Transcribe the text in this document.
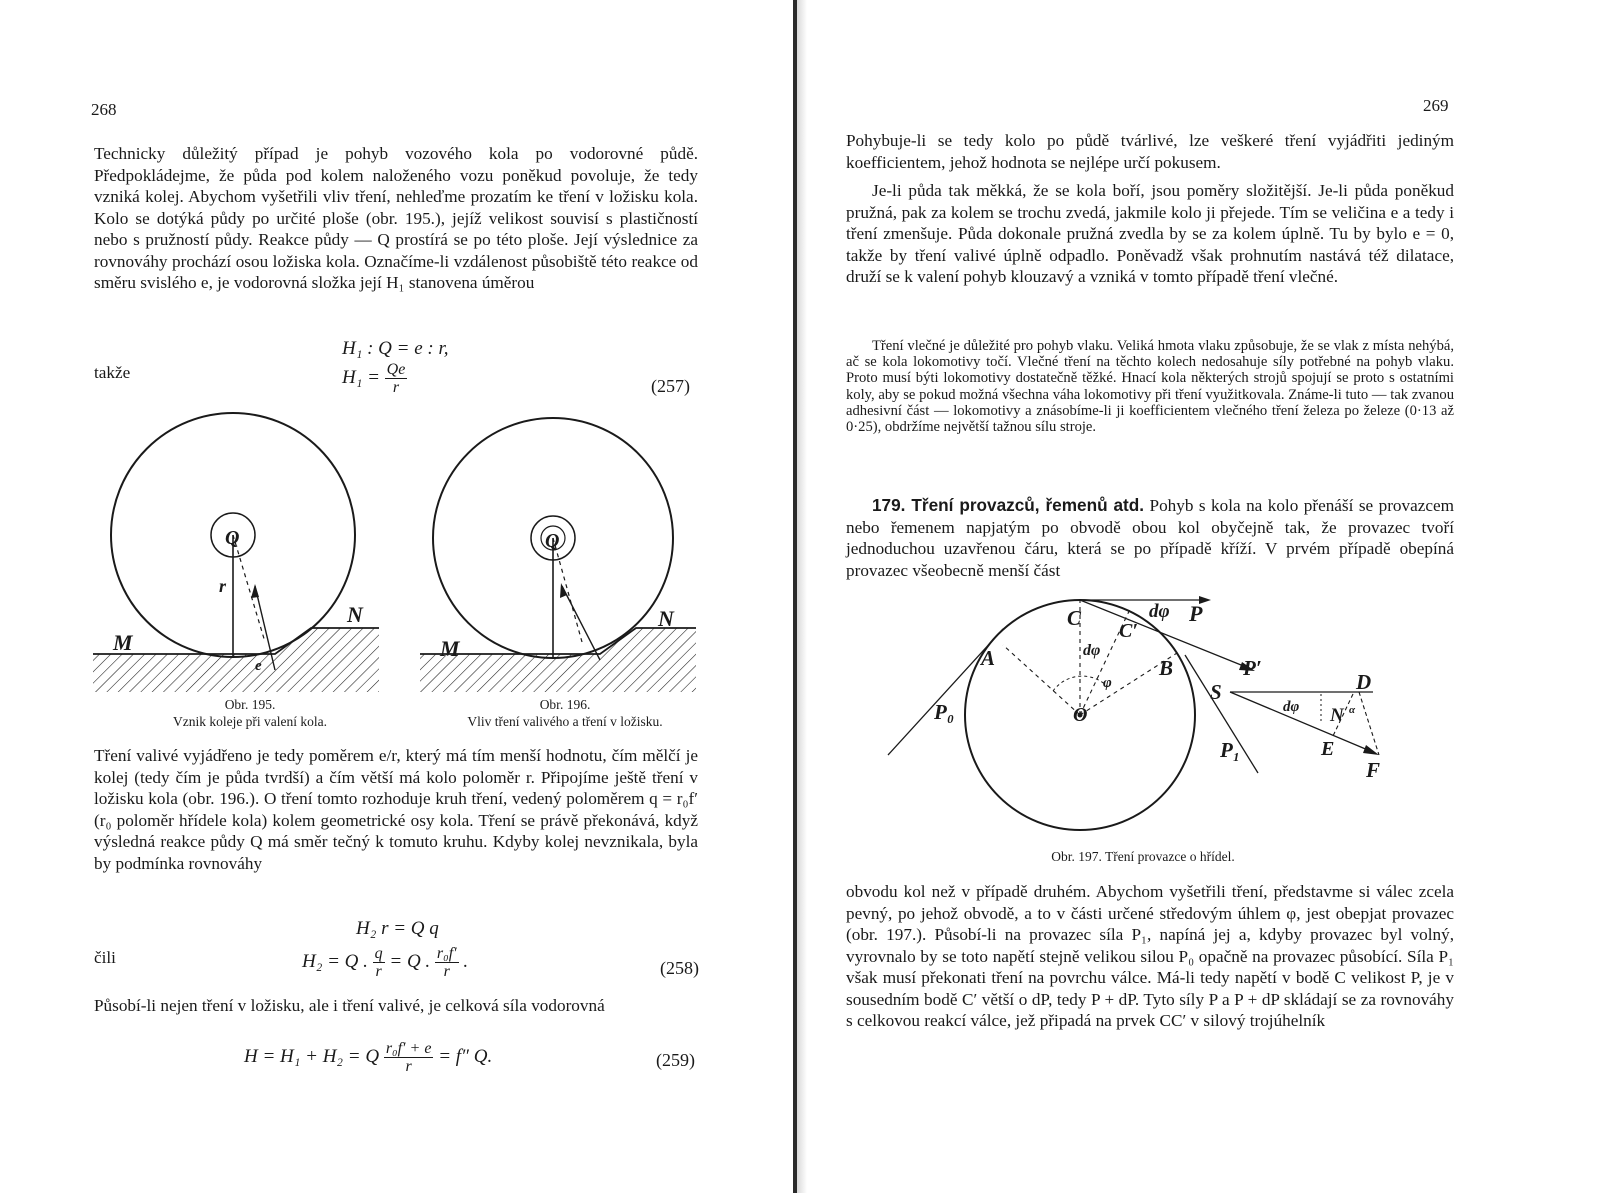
268

Technicky důležitý případ je pohyb vozového kola po vodorovné půdě. Předpokládejme, že půda pod kolem naloženého vozu poněkud povoluje, že tedy vzniká kolej. Abychom vyšetřili vliv tření, nehleďme prozatím ke tření v ložisku kola. Kolo se dotýká půdy po určité ploše (obr. 195.), jejíž velikost souvisí s plastičností nebo s pružností půdy. Reakce půdy — Q prostírá se po této ploše. Její výslednice za rovnováhy prochází osou ložiska kola. Označíme-li vzdálenost působiště této reakce od směru svislého e, je vodorovná složka její H₁ stanovena úměrou

H₁ : Q = e : r,
takže	$H_1 = \frac{Qe}{r}$	(257)
Q
r
M
N
e
Obr. 195.
Vznik koleje při valení kola.
Q
M
N
Obr. 196.
Vliv tření valivého a tření v ložisku.

Tření valivé vyjádřeno je tedy poměrem e/r, který má tím menší hodnotu, čím mělčí je kolej (tedy čím je půda tvrdší) a čím větší má kolo poloměr r. Připojíme ještě tření v ložisku kola (obr. 196.). O tření tomto rozhoduje kruh tření, vedený poloměrem q = r₀f′ (r₀ poloměr hřídele kola) kolem geometrické osy kola. Tření se právě překonává, když výsledná reakce půdy Q má směr tečný k tomuto kruhu. Kdyby kolej nevznikala, byla by podmínka rovnováhy

H₂ r = Q q
čili	H₂ = Q . $\frac{q}{r} = Q$ . $\frac{\text{r₀f′}}{r}$ .	(258)

Působí-li nejen tření v ložisku, ale i tření valivé, je celková síla vodorovná

H = H₁ + H₂ = Q $\frac{\text{r₀f′ + e}}{r} = f''$ Q.	(259)
269

Pohybuje-li se tedy kolo po půdě tvárlivé, lze veškeré tření vyjádřiti jediným koefficientem, jehož hodnota se nejlépe určí pokusem.

Je-li půda tak měkká, že se kola boří, jsou poměry složitější. Je-li půda poněkud pružná, pak za kolem se trochu zvedá, jakmile kolo ji přejede. Tím se veličina e a tedy i tření zmenšuje. Půda dokonale pružná zvedla by se za kolem úplně. Tu by bylo e = 0, takže by tření valivé úplně odpadlo. Poněvadž však prohnutím nastává též dilatace, druží se k valení pohyb klouzavý a vzniká v tomto případě tření vlečné.

Tření vlečné je důležité pro pohyb vlaku. Veliká hmota vlaku způsobuje, že se vlak z místa nehýbá, ač se kola lokomotivy točí. Vlečné tření na těchto kolech nedosahuje síly potřebné na pohyb vlaku. Proto musí býti lokomotivy dostatečně těžké. Hnací kola některých strojů spojují se proto s ostatními koly, aby se pokud možná všechna váha lokomotivy při tření využitkovala. Známe-li tuto — tak zvanou adhesivní část — lokomotivy a znásobíme-li ji koefficientem vlečného tření železa po železe (0·13 až 0·25), obdržíme největší tažnou sílu stroje.

179. Tření provazců, řemenů atd. Pohyb s kola na kolo přenáší se provazcem nebo řemenem napjatým po obvodě obou kol obyčejně tak, že provazec tvoří jednoduchou uzavřenou čáru, která se po případě kříží. V prvém případě obepíná provazec všeobecně menší část
C
C′
dφ P
P′
A	B
dφ
φ
O
P₀
P₁
S	D
dφ N α
E
F
Obr. 197. Tření provazce o hřídel.

obvodu kol než v případě druhém. Abychom vyšetřili tření, představme si válec zcela pevný, po jehož obvodě, a to v části určené středovým úhlem φ, jest obepjat provazec (obr. 197.). Působí-li na provazec síla P₁, napíná jej a, kdyby provazec byl volný, vyrovnalo by se toto napětí stejně velikou silou P₀ opačně na provazec působící. Síla P₁ však musí překonati tření na povrchu válce. Má-li tedy napětí v bodě C velikost P, je v sousedním bodě C′ větší o dP, tedy P + dP. Tyto síly P a P + dP skládají se za rovnováhy s celkovou reakcí válce, jež připadá na prvek CC′ v silový trojúhelník
